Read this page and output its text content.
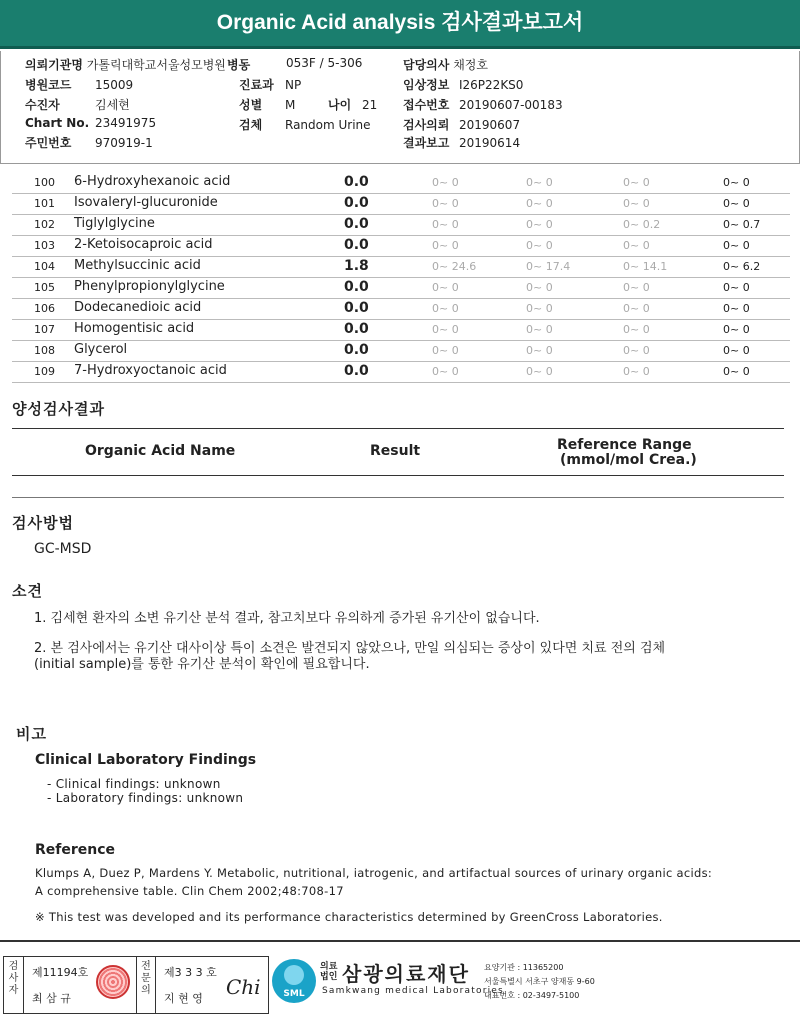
Organic Acid analysis 검사결과보고서
의뢰기관명 가톨릭대학교서울성모병원 병동	053F / 5-306	담당의사 채정호
병원코드 15009	진료과 NP	임상정보 I26P22KS0
수진자	김세현	성별 M	나이 21 접수번호 20190607-00183
Chart No. 23491975	검체 Random Urine	검사의뢰 20190607
주민번호 970919-1	결과보고 20190614
100 6-Hydroxyhexanoic acid	0.0	0~ 0	0~ 0	0~ 0	0~ 0
101 Isovaleryl-glucuronide	0.0	0~ 0	0~ 0	0~ 0	0~ 0
102 Tiglylglycine	0.0	0~ 0	0~ 0	0~ 0.2	0~ 0.7
103 2-Ketoisocaproic acid	0.0	0~ 0	0~ 0	0~ 0	0~ 0
104 Methylsuccinic acid	1.8	0~ 24.6	0~ 17.4	0~ 14.1	0~ 6.2
105 Phenylpropionylglycine	0.0	0~ 0	0~ 0	0~ 0	0~ 0
106 Dodecanedioic acid	0.0	0~ 0	0~ 0	0~ 0	0~ 0
107 Homogentisic acid	0.0	0~ 0	0~ 0	0~ 0	0~ 0
108 Glycerol	0.0	0~ 0	0~ 0	0~ 0	0~ 0
109 7-Hydroxyoctanoic acid	0.0	0~ 0	0~ 0	0~ 0	0~ 0
양성검사결과
Organic Acid Name	Result	Reference Range
(mmol/mol Crea.)
검사방법
GC-MSD
소견
1. 김세현 환자의 소변 유기산 분석 결과, 참고치보다 유의하게 증가된 유기산이 없습니다.
2. 본 검사에서는 유기산 대사이상 특이 소견은 발견되지 않았으나, 만일 의심되는 증상이 있다면 치료 전의 검체
(initial sample)를 통한 유기산 분석이 확인에 필요합니다.
비고
Clinical Laboratory Findings
- Clinical findings: unknown
- Laboratory findings: unknown
Reference
Klumps A, Duez P, Mardens Y. Metabolic, nutritional, iatrogenic, and artifactual sources of urinary organic acids:
A comprehensive table. Clin Chem 2002;48:708-17
※ This test was developed and its performance characteristics determined by GreenCross Laboratories.
검사자
제11194호
최 삼 규
전문의
제3 3 3 호
지 현 영 Chi	SML
의료법인 삼광의료재단
Samkwang medical Laboratories
요양기관 : 11365200
서울특별시 서초구 양재동 9-60
대표번호 : 02-3497-5100
